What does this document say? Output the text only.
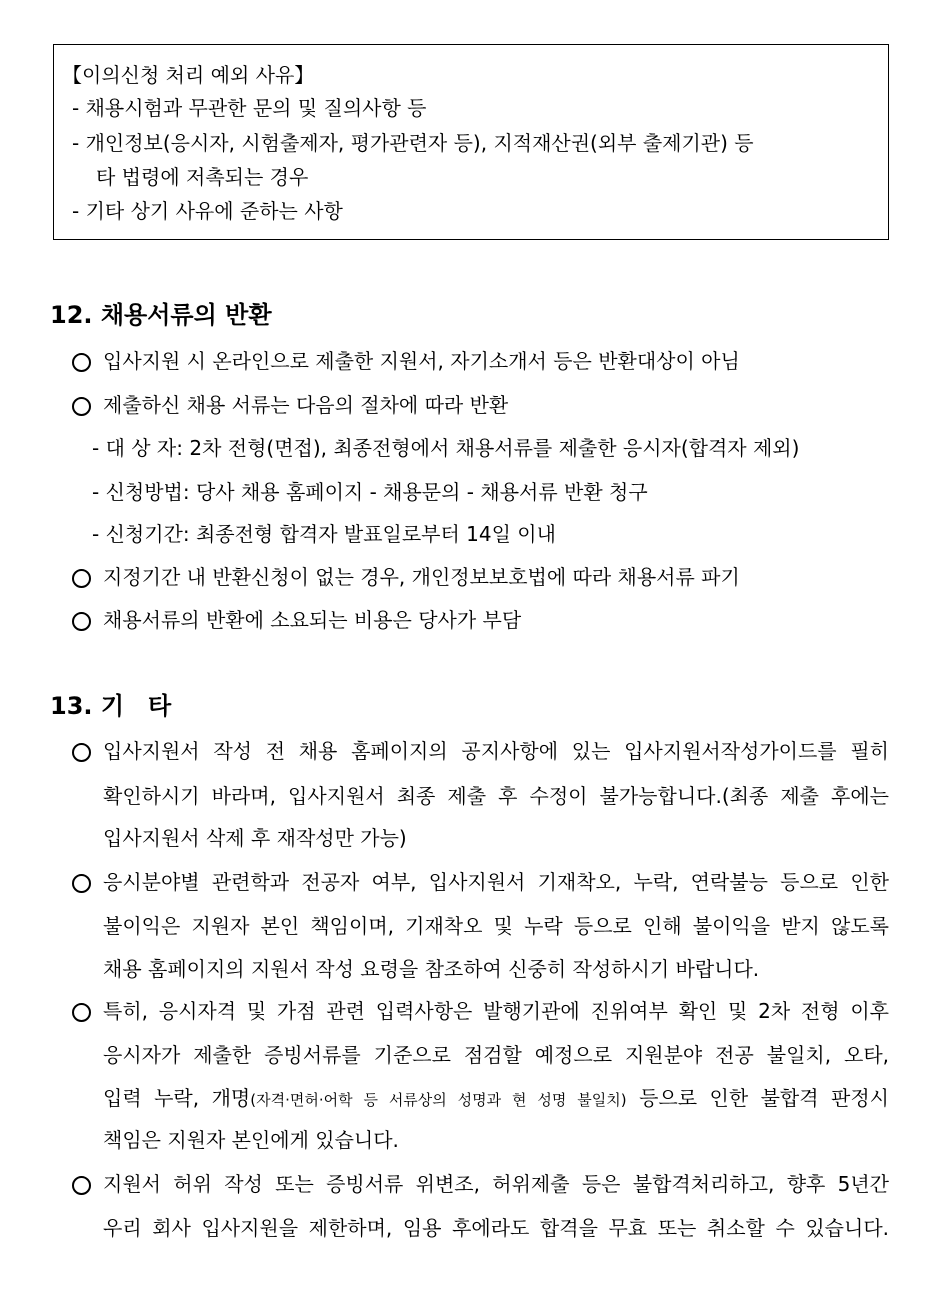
【이의신청 처리 예외 사유】
- 채용시험과 무관한 문의 및 질의사항 등
- 개인정보(응시자, 시험출제자, 평가관련자 등), 지적재산권(외부 출제기관) 등
타 법령에 저촉되는 경우
- 기타 상기 사유에 준하는 사항
12. 채용서류의 반환
입사지원 시 온라인으로 제출한 지원서, 자기소개서 등은 반환대상이 아님
제출하신 채용 서류는 다음의 절차에 따라 반환
- 대 상 자: 2차 전형(면접), 최종전형에서 채용서류를 제출한 응시자(합격자 제외)
- 신청방법: 당사 채용 홈페이지 - 채용문의 - 채용서류 반환 청구
- 신청기간: 최종전형 합격자 발표일로부터 14일 이내
지정기간 내 반환신청이 없는 경우, 개인정보보호법에 따라 채용서류 파기
채용서류의 반환에 소요되는 비용은 당사가 부담
13. 기　타
입사지원서 작성 전 채용 홈페이지의 공지사항에 있는 입사지원서작성가이드를 필히
확인하시기 바라며, 입사지원서 최종 제출 후 수정이 불가능합니다.(최종 제출 후에는
입사지원서 삭제 후 재작성만 가능)
응시분야별 관련학과 전공자 여부, 입사지원서 기재착오, 누락, 연락불능 등으로 인한
불이익은 지원자 본인 책임이며, 기재착오 및 누락 등으로 인해 불이익을 받지 않도록
채용 홈페이지의 지원서 작성 요령을 참조하여 신중히 작성하시기 바랍니다.
특히, 응시자격 및 가점 관련 입력사항은 발행기관에 진위여부 확인 및 2차 전형 이후
응시자가 제출한 증빙서류를 기준으로 점검할 예정으로 지원분야 전공 불일치, 오타,
입력 누락, 개명(자격·면허·어학 등 서류상의 성명과 현 성명 불일치) 등으로 인한 불합격 판정시
책임은 지원자 본인에게 있습니다.
지원서 허위 작성 또는 증빙서류 위변조, 허위제출 등은 불합격처리하고, 향후 5년간
우리 회사 입사지원을 제한하며, 임용 후에라도 합격을 무효 또는 취소할 수 있습니다.
